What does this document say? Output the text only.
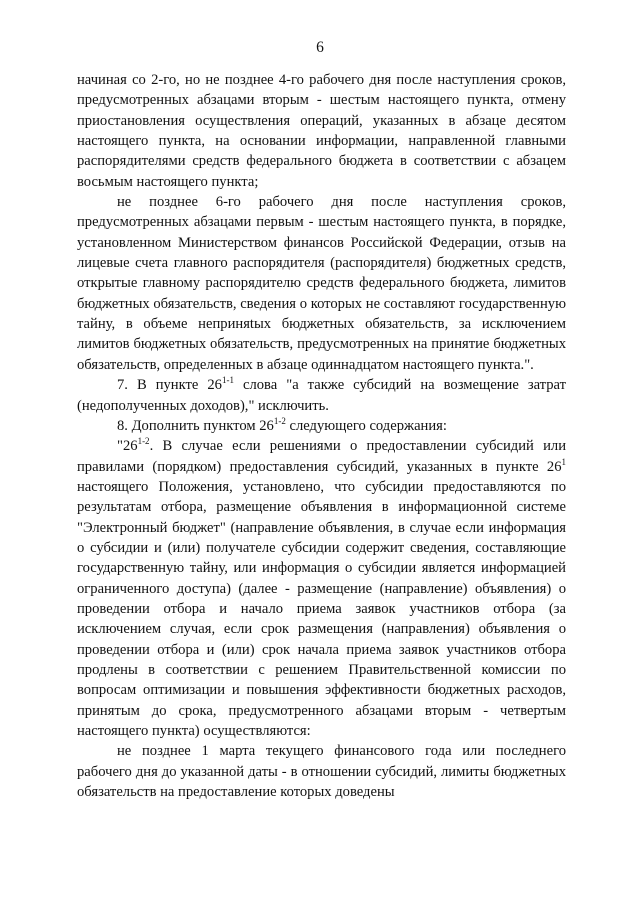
6

начиная со 2-го, но не позднее 4-го рабочего дня после наступления сроков, предусмотренных абзацами вторым - шестым настоящего пункта, отмену приостановления осуществления операций, указанных в абзаце десятом настоящего пункта, на основании информации, направленной главными распорядителями средств федерального бюджета в соответствии с абзацем восьмым настоящего пункта;

не позднее 6-го рабочего дня после наступления сроков, предусмотренных абзацами первым - шестым настоящего пункта, в порядке, установленном Министерством финансов Российской Федерации, отзыв на лицевые счета главного распорядителя (распорядителя) бюджетных средств, открытые главному распорядителю средств федерального бюджета, лимитов бюджетных обязательств, сведения о которых не составляют государственную тайну, в объеме неприняtых бюджетных обязательств, за исключением лимитов бюджетных обязательств, предусмотренных на принятие бюджетных обязательств, определенных в абзаце одиннадцатом настоящего пункта.".

7. В пункте 26$^{1-1}$ слова "а также субсидий на возмещение затрат (недополученных доходов)," исключить.

8. Дополнить пунктом 26$^{1-2}$ следующего содержания:

"26$^{1-2}$. В случае если решениями о предоставлении субсидий или правилами (порядком) предоставления субсидий, указанных в пункте $26^1$ настоящего Положения, установлено, что субсидии предоставляются по результатам отбора, размещение объявления в информационной системе "Электронный бюджет" (направление объявления, в случае если информация о субсидии и (или) получателе субсидии содержит сведения, составляющие государственную тайну, или информация о субсидии является информацией ограниченного доступа) (далее - размещение (направление) объявления) о проведении отбора и начало приема заявок участников отбора (за исключением случая, если срок размещения (направления) объявления о проведении отбора и (или) срок начала приема заявок участников отбора продлены в соответствии с решением Правительственной комиссии по вопросам оптимизации и повышения эффективности бюджетных расходов, принятым до срока, предусмотренного абзацами вторым - четвертым настоящего пункта) осуществляются:

не позднее 1 марта текущего финансового года или последнего рабочего дня до указанной даты - в отношении субсидий, лимиты бюджетных обязательств на предоставление которых доведены
